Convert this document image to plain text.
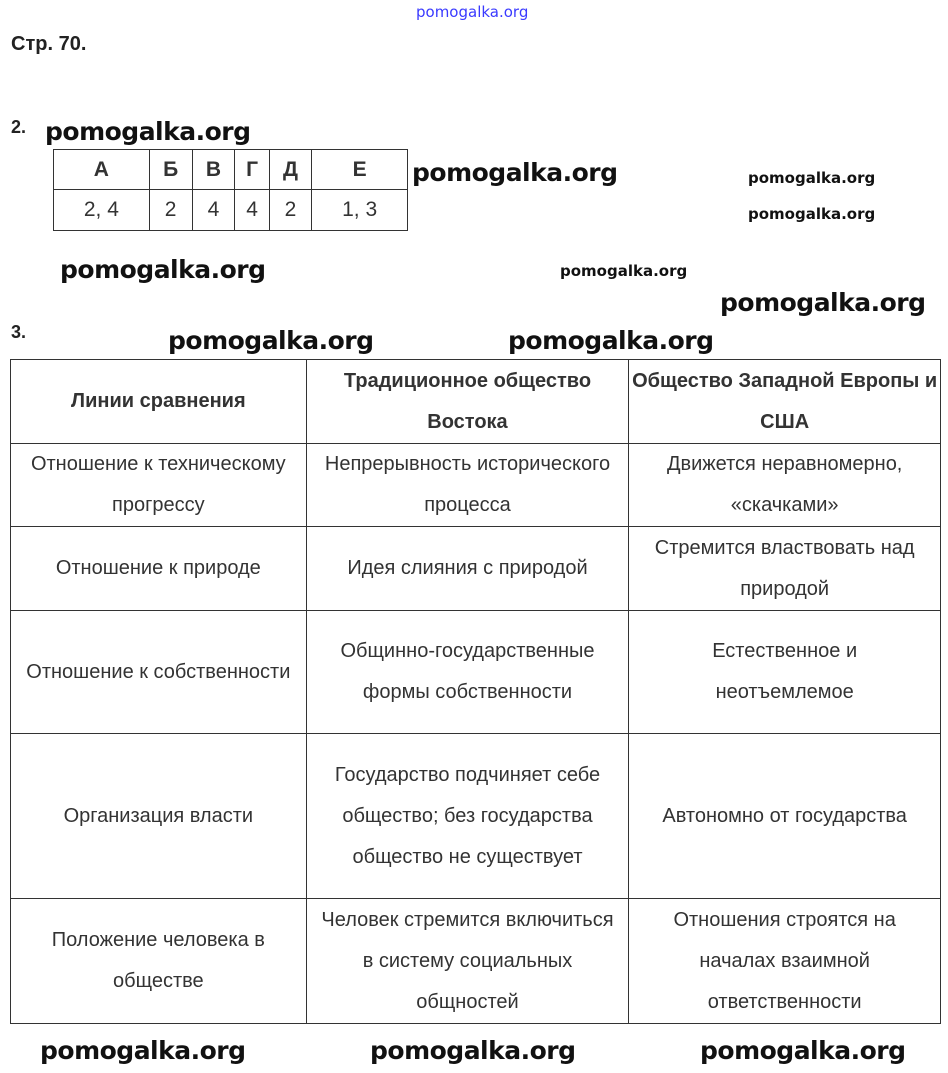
pomogalka.org
Стр. 70.
2. pomogalka.org
pomogalka.org	pomogalka.org
pomogalka.org
А	Б	В	Г	Д	Е
2, 4	2	4	4	2	1, 3
pomogalka.org	pomogalka.org
pomogalka.org
3.	pomogalka.org	pomogalka.org
Линии сравнения	Традиционное общество Востока	Общество Западной Европы и США
Отношение к техническому прогрессу	Непрерывность исторического процесса	Движется неравномерно, «скачками»
Отношение к природе	Идея слияния с природой	Стремится властвовать над природой
Отношение к собственности	Общинно-государственные формы собственности	Естественное и неотъемлемое
Организация власти	Государство подчиняет себе общество; без государства общество не существует	Автономно от государства
Положение человека в обществе	Человек стремится включиться в систему социальных общностей	Отношения строятся на началах взаимной ответственности
pomogalka.org	pomogalka.org	pomogalka.org
